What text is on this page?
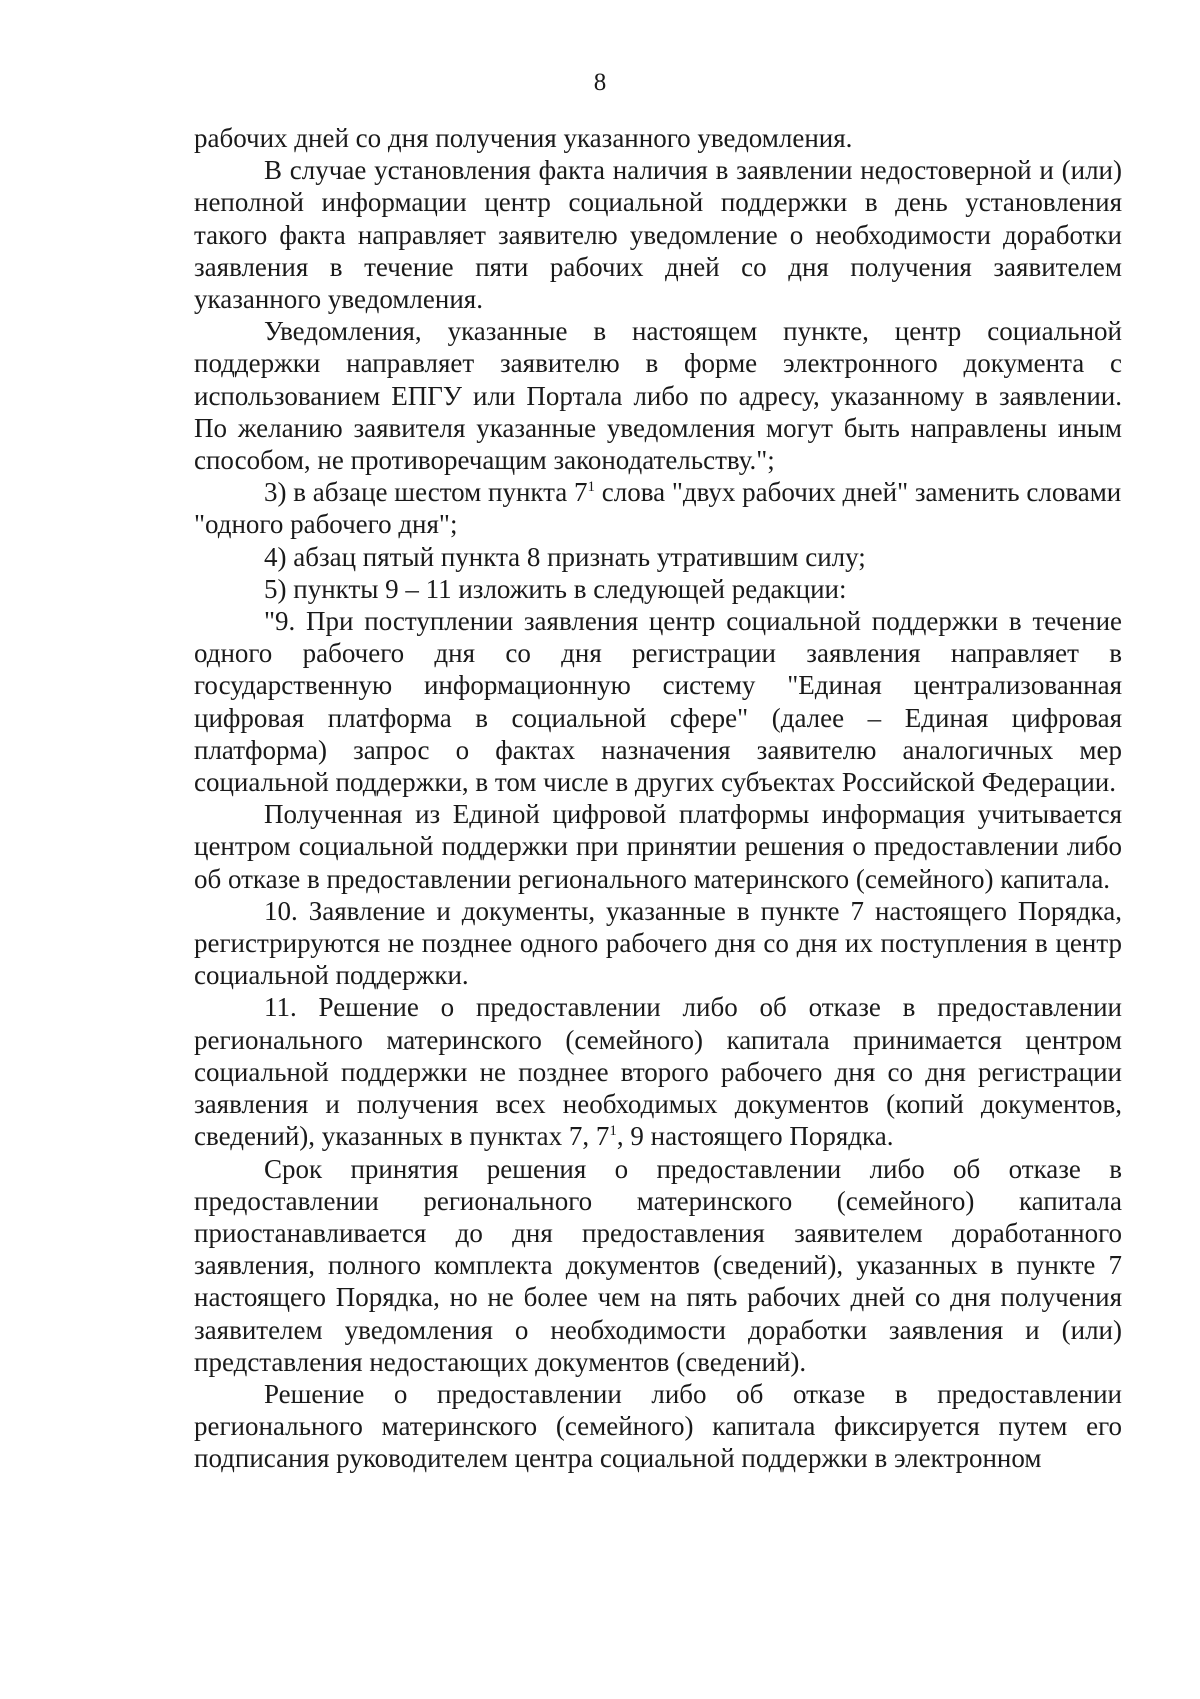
8

рабочих дней со дня получения указанного уведомления.

В случае установления факта наличия в заявлении недостоверной и (или) неполной информации центр социальной поддержки в день установления такого факта направляет заявителю уведомление о необходимости доработки заявления в течение пяти рабочих дней со дня получения заявителем указанного уведомления.

Уведомления, указанные в настоящем пункте, центр социальной поддержки направляет заявителю в форме электронного документа с использованием ЕПГУ или Портала либо по адресу, указанному в заявлении. По желанию заявителя указанные уведомления могут быть направлены иным способом, не противоречащим законодательству.";

3) в абзаце шестом пункта $7^1$ слова "двух рабочих дней" заменить словами "одного рабочего дня";

4) абзац пятый пункта 8 признать утратившим силу;

5) пункты 9 – 11 изложить в следующей редакции:

"9. При поступлении заявления центр социальной поддержки в течение одного рабочего дня со дня регистрации заявления направляет в государственную информационную систему "Единая централизованная цифровая платформа в социальной сфере" (далее – Единая цифровая платформа) запрос о фактах назначения заявителю аналогичных мер социальной поддержки, в том числе в других субъектах Российской Федерации.

Полученная из Единой цифровой платформы информация учитывается центром социальной поддержки при принятии решения о предоставлении либо об отказе в предоставлении регионального материнского (семейного) капитала.

10. Заявление и документы, указанные в пункте 7 настоящего Порядка, регистрируются не позднее одного рабочего дня со дня их поступления в центр социальной поддержки.

11. Решение о предоставлении либо об отказе в предоставлении регионального материнского (семейного) капитала принимается центром социальной поддержки не позднее второго рабочего дня со дня регистрации заявления и получения всех необходимых документов (копий документов, сведений), указанных в пунктах 7, $7^1$, 9 настоящего Порядка.

Срок принятия решения о предоставлении либо об отказе в предоставлении регионального материнского (семейного) капитала приостанавливается до дня предоставления заявителем доработанного заявления, полного комплекта документов (сведений), указанных в пункте 7 настоящего Порядка, но не более чем на пять рабочих дней со дня получения заявителем уведомления о необходимости доработки заявления и (или) представления недостающих документов (сведений).

Решение о предоставлении либо об отказе в предоставлении регионального материнского (семейного) капитала фиксируется путем его подписания руководителем центра социальной поддержки в электронном
